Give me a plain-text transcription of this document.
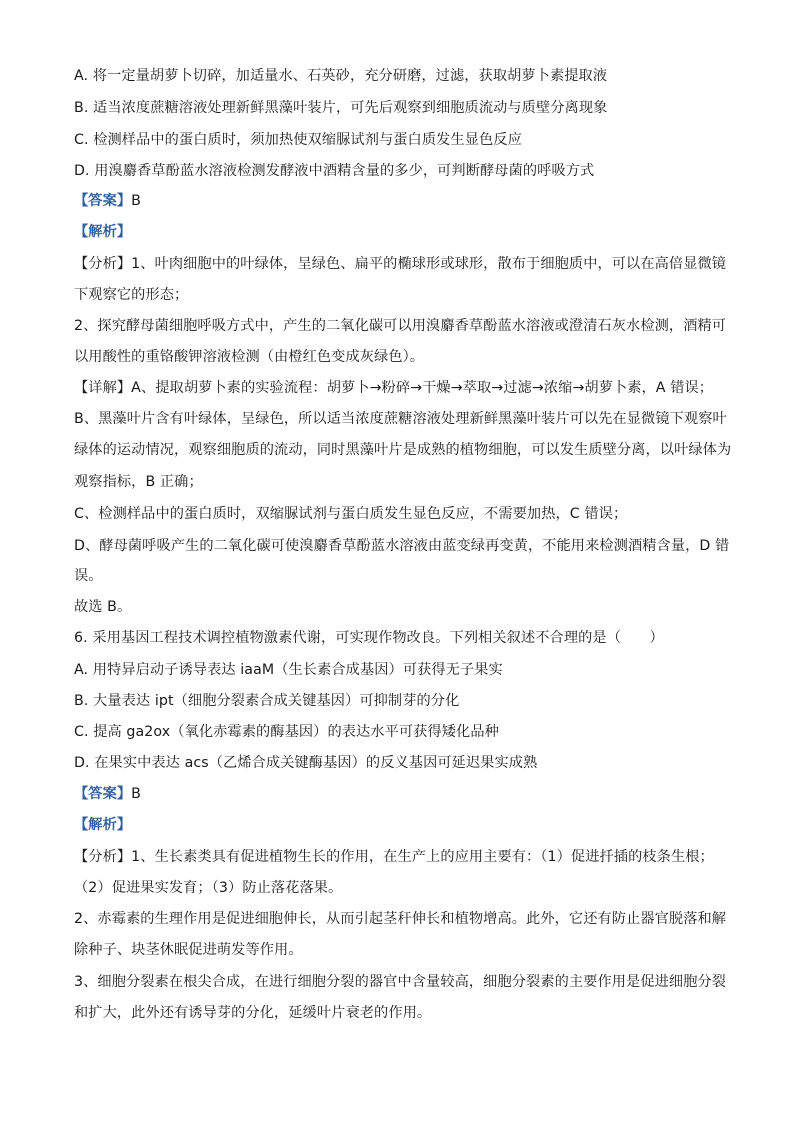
A. 将一定量胡萝卜切碎，加适量水、石英砂，充分研磨，过滤，获取胡萝卜素提取液
B. 适当浓度蔗糖溶液处理新鲜黑藻叶装片，可先后观察到细胞质流动与质壁分离现象
C. 检测样品中的蛋白质时，须加热使双缩脲试剂与蛋白质发生显色反应
D. 用溴麝香草酚蓝水溶液检测发酵液中酒精含量的多少，可判断酵母菌的呼吸方式
【答案】B
【解析】
【分析】1、叶肉细胞中的叶绿体，呈绿色、扁平的椭球形或球形，散布于细胞质中，可以在高倍显微镜
下观察它的形态；
2、探究酵母菌细胞呼吸方式中，产生的二氧化碳可以用溴麝香草酚蓝水溶液或澄清石灰水检测，酒精可
以用酸性的重铬酸钾溶液检测（由橙红色变成灰绿色）。
【详解】A、提取胡萝卜素的实验流程：胡萝卜→粉碎→干燥→萃取→过滤→浓缩→胡萝卜素，A 错误；
B、黑藻叶片含有叶绿体，呈绿色，所以适当浓度蔗糖溶液处理新鲜黑藻叶装片可以先在显微镜下观察叶
绿体的运动情况，观察细胞质的流动，同时黑藻叶片是成熟的植物细胞，可以发生质壁分离，以叶绿体为
观察指标，B 正确；
C、检测样品中的蛋白质时，双缩脲试剂与蛋白质发生显色反应，不需要加热，C 错误；
D、酵母菌呼吸产生的二氧化碳可使溴麝香草酚蓝水溶液由蓝变绿再变黄，不能用来检测酒精含量，D 错
误。
故选 B。
6. 采用基因工程技术调控植物激素代谢，可实现作物改良。下列相关叙述不合理的是（　　）
A. 用特异启动子诱导表达 iaaM（生长素合成基因）可获得无子果实
B. 大量表达 ipt（细胞分裂素合成关键基因）可抑制芽的分化
C. 提高 ga2ox（氧化赤霉素的酶基因）的表达水平可获得矮化品种
D. 在果实中表达 acs（乙烯合成关键酶基因）的反义基因可延迟果实成熟
【答案】B
【解析】
【分析】1、生长素类具有促进植物生长的作用，在生产上的应用主要有：（1）促进扦插的枝条生根；
（2）促进果实发育；（3）防止落花落果。
2、赤霉素的生理作用是促进细胞伸长，从而引起茎秆伸长和植物增高。此外，它还有防止器官脱落和解
除种子、块茎休眠促进萌发等作用。
3、细胞分裂素在根尖合成，在进行细胞分裂的器官中含量较高，细胞分裂素的主要作用是促进细胞分裂
和扩大，此外还有诱导芽的分化，延缓叶片衰老的作用。
